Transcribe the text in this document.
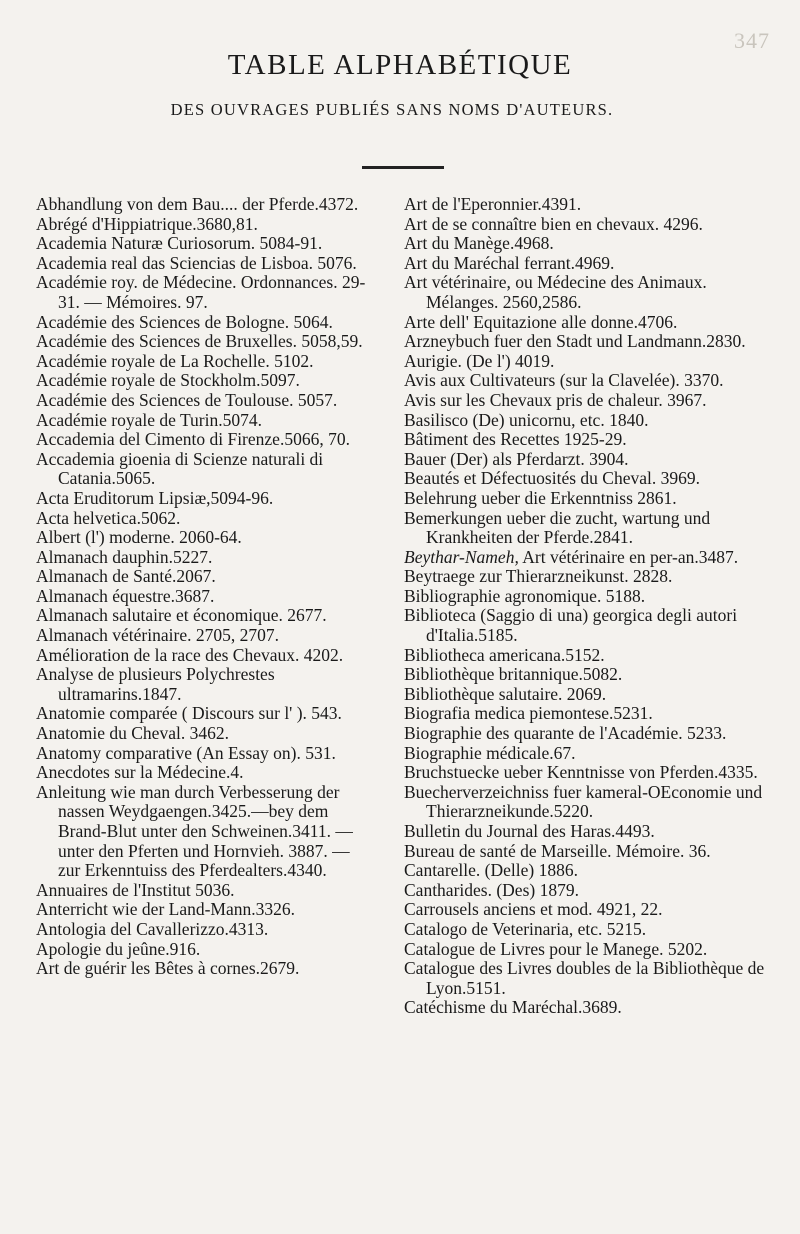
347
TABLE ALPHABÉTIQUE
DES OUVRAGES PUBLIÉS SANS NOMS D'AUTEURS.
Abhandlung von dem Bau.... der Pferde.4372.
Abrégé d'Hippiatrique.3680,81.
Academia Naturæ Curiosorum. 5084-91.
Academia real das Sciencias de Lisboa. 5076.
Académie roy. de Médecine. Ordonnances. 29-31. — Mémoires. 97.
Académie des Sciences de Bologne. 5064.
Académie des Sciences de Bruxelles. 5058,59.
Académie royale de La Rochelle. 5102.
Académie royale de Stockholm.5097.
Académie des Sciences de Toulouse. 5057.
Académie royale de Turin.5074.
Accademia del Cimento di Firenze.5066, 70.
Accademia gioenia di Scienze naturali di Catania.5065.
Acta Eruditorum Lipsiæ,5094-96.
Acta helvetica.5062.
Albert (l') moderne. 2060-64.
Almanach dauphin.5227.
Almanach de Santé.2067.
Almanach équestre.3687.
Almanach salutaire et économique. 2677.
Almanach vétérinaire. 2705, 2707.
Amélioration de la race des Chevaux. 4202.
Analyse de plusieurs Polychrestes ultramarins.1847.
Anatomie comparée ( Discours sur l' ). 543.
Anatomie du Cheval. 3462.
Anatomy comparative (An Essay on). 531.
Anecdotes sur la Médecine.4.
Anleitung wie man durch Verbesserung der nassen Weydgaengen.3425.—bey dem Brand-Blut unter den Schweinen.3411. — unter den Pferten und Hornvieh. 3887. — zur Erkenntuiss des Pferdealters.4340.
Annuaires de l'Institut 5036.
Anterricht wie der Land-Mann.3326.
Antologia del Cavallerizzo.4313.
Apologie du jeûne.916.
Art de guérir les Bêtes à cornes.2679.
Art de l'Eperonnier.4391.
Art de se connaître bien en chevaux. 4296.
Art du Manège.4968.
Art du Maréchal ferrant.4969.
Art vétérinaire, ou Médecine des Animaux. Mélanges. 2560,2586.
Arte dell' Equitazione alle donne.4706.
Arzneybuch fuer den Stadt und Landmann.2830.
Aurigie. (De l') 4019.
Avis aux Cultivateurs (sur la Clavelée). 3370.
Avis sur les Chevaux pris de chaleur. 3967.
Basilisco (De) unicornu, etc. 1840.
Bâtiment des Recettes 1925-29.
Bauer (Der) als Pferdarzt. 3904.
Beautés et Défectuosités du Cheval. 3969.
Belehrung ueber die Erkenntniss 2861.
Bemerkungen ueber die zucht, wartung und Krankheiten der Pferde.2841.
Beythar-Nameh, Art vétérinaire en per-an.3487.
Beytraege zur Thierarzneikunst. 2828.
Bibliographie agronomique. 5188.
Biblioteca (Saggio di una) georgica degli autori d'Italia.5185.
Bibliotheca americana.5152.
Bibliothèque britannique.5082.
Bibliothèque salutaire. 2069.
Biografia medica piemontese.5231.
Biographie des quarante de l'Académie. 5233.
Biographie médicale.67.
Bruchstuecke ueber Kenntnisse von Pferden.4335.
Buecherverzeichniss fuer kameral-OEconomie und Thierarzneikunde.5220.
Bulletin du Journal des Haras.4493.
Bureau de santé de Marseille. Mémoire. 36.
Cantarelle. (Delle) 1886.
Cantharides. (Des) 1879.
Carrousels anciens et mod. 4921, 22.
Catalogo de Veterinaria, etc. 5215.
Catalogue de Livres pour le Manege. 5202.
Catalogue des Livres doubles de la Bibliothèque de Lyon.5151.
Catéchisme du Maréchal.3689.
